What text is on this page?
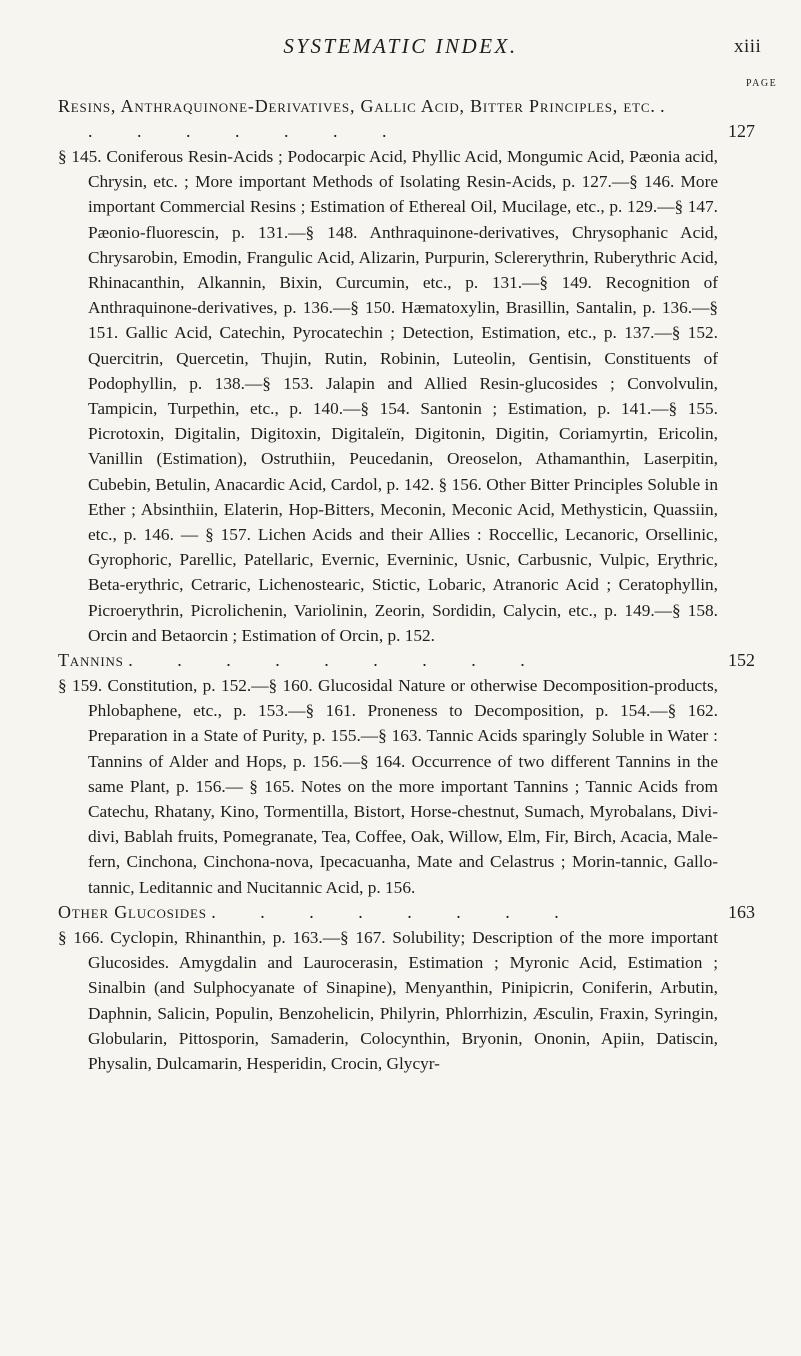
SYSTEMATIC INDEX.	xiii
PAGE
Resins, Anthraquinone-Derivatives, Gallic Acid, Bitter Principles, etc. . . . . . . . .	127

§ 145. Coniferous Resin-Acids ; Podocarpic Acid, Phyllic Acid, Mongumic Acid, Pæonia acid, Chrysin, etc. ; More important Methods of Isolating Resin-Acids, p. 127.—§ 146. More important Commercial Resins ; Estimation of Ethereal Oil, Mucilage, etc., p. 129.—§ 147. Pæonio-fluorescin, p. 131.—§ 148. Anthraquinone-derivatives, Chrysophanic Acid, Chrysarobin, Emodin, Frangulic Acid, Alizarin, Purpurin, Sclererythrin, Ruberythric Acid, Rhinacanthin, Alkannin, Bixin, Curcumin, etc., p. 131.—§ 149. Recognition of Anthraquinone-derivatives, p. 136.—§ 150. Hæmatoxylin, Brasillin, Santalin, p. 136.—§ 151. Gallic Acid, Catechin, Pyrocatechin ; Detection, Estimation, etc., p. 137.—§ 152. Quercitrin, Quercetin, Thujin, Rutin, Robinin, Luteolin, Gentisin, Constituents of Podophyllin, p. 138.—§ 153. Jalapin and Allied Resin-glucosides ; Convolvulin, Tampicin, Turpethin, etc., p. 140.—§ 154. Santonin ; Estimation, p. 141.—§ 155. Picrotoxin, Digitalin, Digitoxin, Digitaleïn, Digitonin, Digitin, Coriamyrtin, Ericolin, Vanillin (Estimation), Ostruthiin, Peucedanin, Oreoselon, Athamanthin, Laserpitin, Cubebin, Betulin, Anacardic Acid, Cardol, p. 142. § 156. Other Bitter Principles Soluble in Ether ; Absinthiin, Elaterin, Hop-Bitters, Meconin, Meconic Acid, Methysticin, Quassiin, etc., p. 146. — § 157. Lichen Acids and their Allies : Roccellic, Lecanoric, Orsellinic, Gyrophoric, Parellic, Patellaric, Evernic, Everninic, Usnic, Carbusnic, Vulpic, Erythric, Beta-erythric, Cetraric, Lichenostearic, Stictic, Lobaric, Atranoric Acid ; Ceratophyllin, Picroerythrin, Picrolichenin, Variolinin, Zeorin, Sordidin, Calycin, etc., p. 149.—§ 158. Orcin and Betaorcin ; Estimation of Orcin, p. 152.

Tannins . . . . . . . . .	152

§ 159. Constitution, p. 152.—§ 160. Glucosidal Nature or otherwise Decomposition-products, Phlobaphene, etc., p. 153.—§ 161. Proneness to Decomposition, p. 154.—§ 162. Preparation in a State of Purity, p. 155.—§ 163. Tannic Acids sparingly Soluble in Water : Tannins of Alder and Hops, p. 156.—§ 164. Occurrence of two different Tannins in the same Plant, p. 156.— § 165. Notes on the more important Tannins ; Tannic Acids from Catechu, Rhatany, Kino, Tormentilla, Bistort, Horse-chestnut, Sumach, Myrobalans, Divi-divi, Bablah fruits, Pomegranate, Tea, Coffee, Oak, Willow, Elm, Fir, Birch, Acacia, Male-fern, Cinchona, Cinchona-nova, Ipecacuanha, Mate and Celastrus ; Morin-tannic, Gallo-tannic, Leditannic and Nucitannic Acid, p. 156.

Other Glucosides . . . . . . . .	163

§ 166. Cyclopin, Rhinanthin, p. 163.—§ 167. Solubility; Description of the more important Glucosides. Amygdalin and Laurocerasin, Estimation ; Myronic Acid, Estimation ; Sinalbin (and Sulphocyanate of Sinapine), Menyanthin, Pinipicrin, Coniferin, Arbutin, Daphnin, Salicin, Populin, Benzohelicin, Philyrin, Phlorrhizin, Æsculin, Fraxin, Syringin, Globularin, Pittosporin, Samaderin, Colocynthin, Bryonin, Ononin, Apiin, Datiscin, Physalin, Dulcamarin, Hesperidin, Crocin, Glycyr-
